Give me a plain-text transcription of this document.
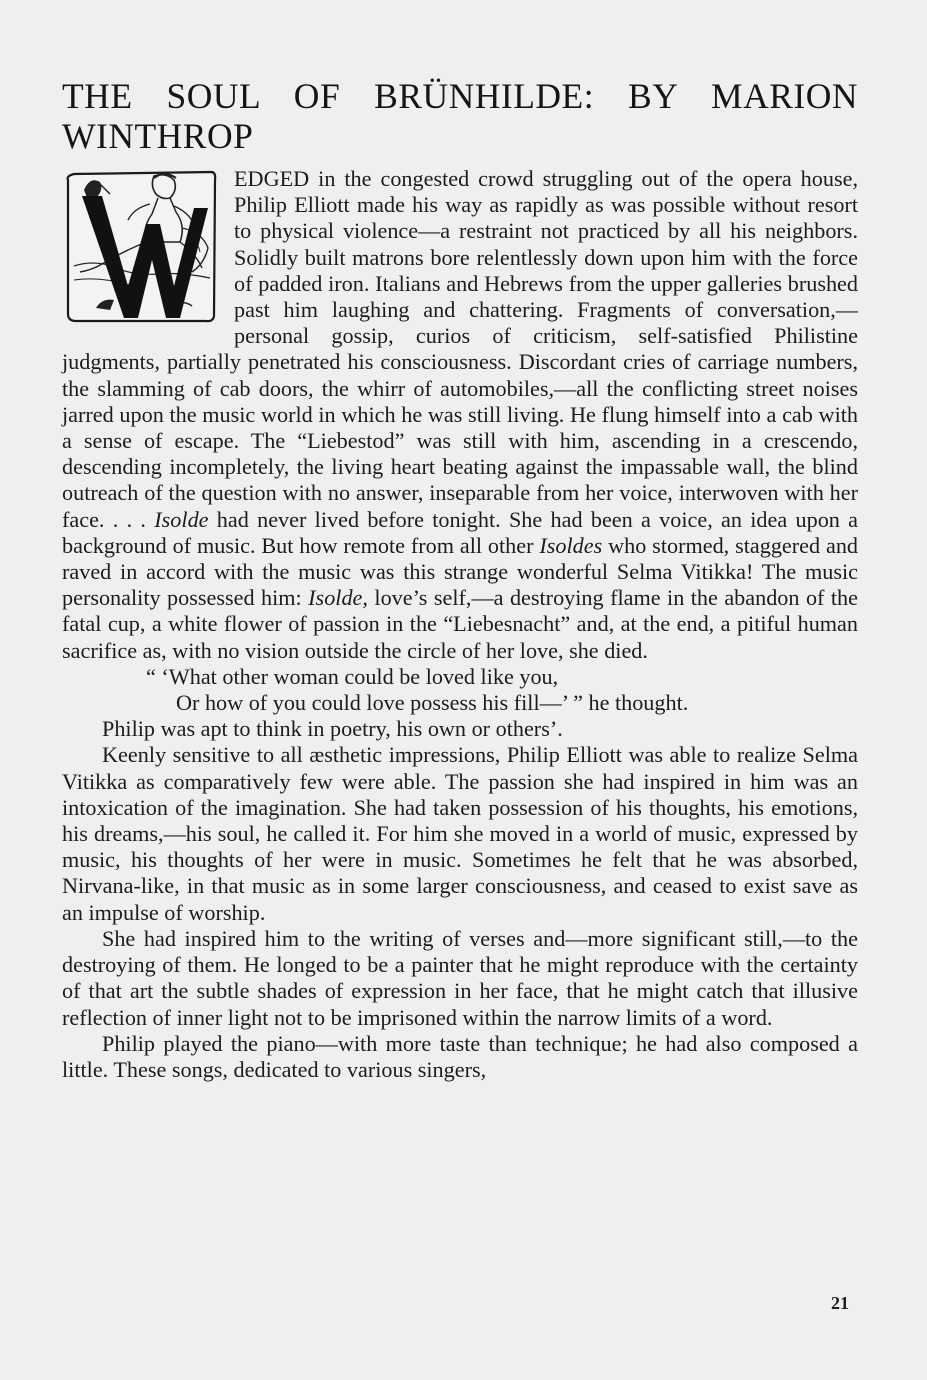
THE SOUL OF BRÜNHILDE: BY MARION WINTHROP

EDGED in the congested crowd struggling out of the opera house, Philip Elliott made his way as rapidly as was possible without resort to physical violence—a restraint not practiced by all his neighbors. Solidly built matrons bore relentlessly down upon him with the force of padded iron. Italians and Hebrews from the upper galleries brushed past him laughing and chattering. Fragments of conversation,—personal gossip, curios of criticism, self-satisfied Philistine judgments, partially penetrated his consciousness. Discordant cries of carriage numbers, the slamming of cab doors, the whirr of automobiles,—all the conflicting street noises jarred upon the music world in which he was still living. He flung himself into a cab with a sense of escape. The “Liebestod” was still with him, ascending in a crescendo, descending incompletely, the living heart beating against the impassable wall, the blind outreach of the question with no answer, inseparable from her voice, interwoven with her face. . . . Isolde had never lived before tonight. She had been a voice, an idea upon a background of music. But how remote from all other Isoldes who stormed, staggered and raved in accord with the music was this strange wonderful Selma Vitikka! The music personality possessed him: Isolde, love’s self,—a destroying flame in the abandon of the fatal cup, a white flower of passion in the “Liebesnacht” and, at the end, a pitiful human sacrifice as, with no vision outside the circle of her love, she died.

“ ‘What other woman could be loved like you,
Or how of you could love possess his fill—’ ” he thought.

Philip was apt to think in poetry, his own or others’.

Keenly sensitive to all æsthetic impressions, Philip Elliott was able to realize Selma Vitikka as comparatively few were able. The passion she had inspired in him was an intoxication of the imagination. She had taken possession of his thoughts, his emotions, his dreams,—his soul, he called it. For him she moved in a world of music, expressed by music, his thoughts of her were in music. Sometimes he felt that he was absorbed, Nirvana-like, in that music as in some larger consciousness, and ceased to exist save as an impulse of worship.

She had inspired him to the writing of verses and—more significant still,—to the destroying of them. He longed to be a painter that he might reproduce with the certainty of that art the subtle shades of expression in her face, that he might catch that illusive reflection of inner light not to be imprisoned within the narrow limits of a word.

Philip played the piano—with more taste than technique; he had also composed a little. These songs, dedicated to various singers,

21
